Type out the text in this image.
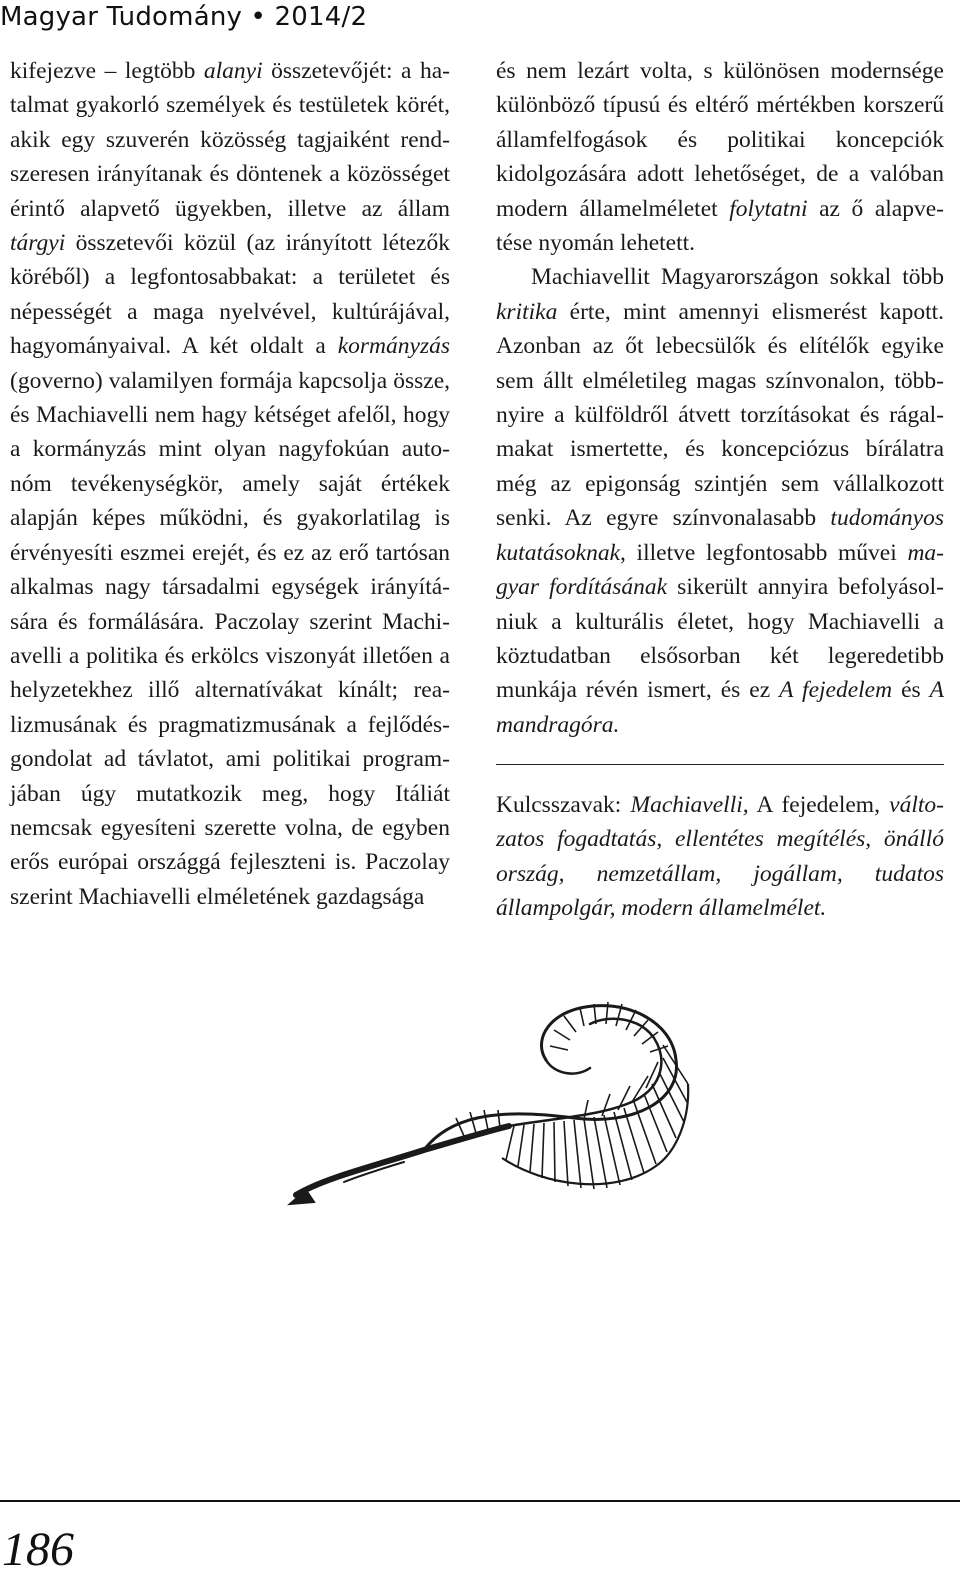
Magyar Tudomány • 2014/2

kifejezve – legtöbb alanyi összetevőjét: a hatalmat gyakorló személyek és testületek körét, akik egy szuverén közösség tagjaiként rendszeresen irányítanak és döntenek a közösséget érintő alapvető ügyekben, illetve az állam tárgyi összetevői közül (az irányított létezők köréből) a legfontosabbakat: a területet és népességét a maga nyelvével, kultúrájával, hagyományaival. A két oldalt a kormányzás (governo) valamilyen formája kapcsolja össze, és Machiavelli nem hagy kétséget afelől, hogy a kormányzás mint olyan nagyfokúan autonóm tevékenységkör, amely saját értékek alapján képes működni, és gyakorlatilag is érvényesíti eszmei erejét, és ez az erő tartósan alkalmas nagy társadalmi egységek irányítására és formálására. Paczolay szerint Machiavelli a politika és erkölcs viszonyát illetően a helyzetekhez illő alternatívákat kínált; realizmusának és pragmatizmusának a fejlődésgondolat ad távlatot, ami politikai programjában úgy mutatkozik meg, hogy Itáliát nemcsak egyesíteni szerette volna, de egyben erős európai országgá fejleszteni is. Paczolay szerint Machiavelli elméletének gazdagsága

és nem lezárt volta, s különösen modernsége különböző típusú és eltérő mértékben korszerű államfelfogások és politikai koncepciók kidolgozására adott lehetőséget, de a valóban modern államelméletet folytatni az ő alapvetése nyomán lehetett.

Machiavellit Magyarországon sokkal több kritika érte, mint amennyi elismerést kapott. Azonban az őt lebecsülők és elítélők egyike sem állt elméletileg magas színvonalon, többnyire a külföldről átvett torzításokat és rágalmakat ismertette, és koncepciózus bírálatra még az epigonság szintjén sem vállalkozott senki. Az egyre színvonalasabb tudományos kutatásoknak, illetve legfontosabb művei magyar fordításának sikerült annyira befolyásolniuk a kulturális életet, hogy Machiavelli a köztudatban elsősorban két legeredetibb munkája révén ismert, és ez A fejedelem és A mandragóra.

Kulcsszavak: Machiavelli, A fejedelem, változatos fogadtatás, ellentétes megítélés, önálló ország, nemzetállam, jogállam, tudatos állampolgár, modern államelmélet.
186
